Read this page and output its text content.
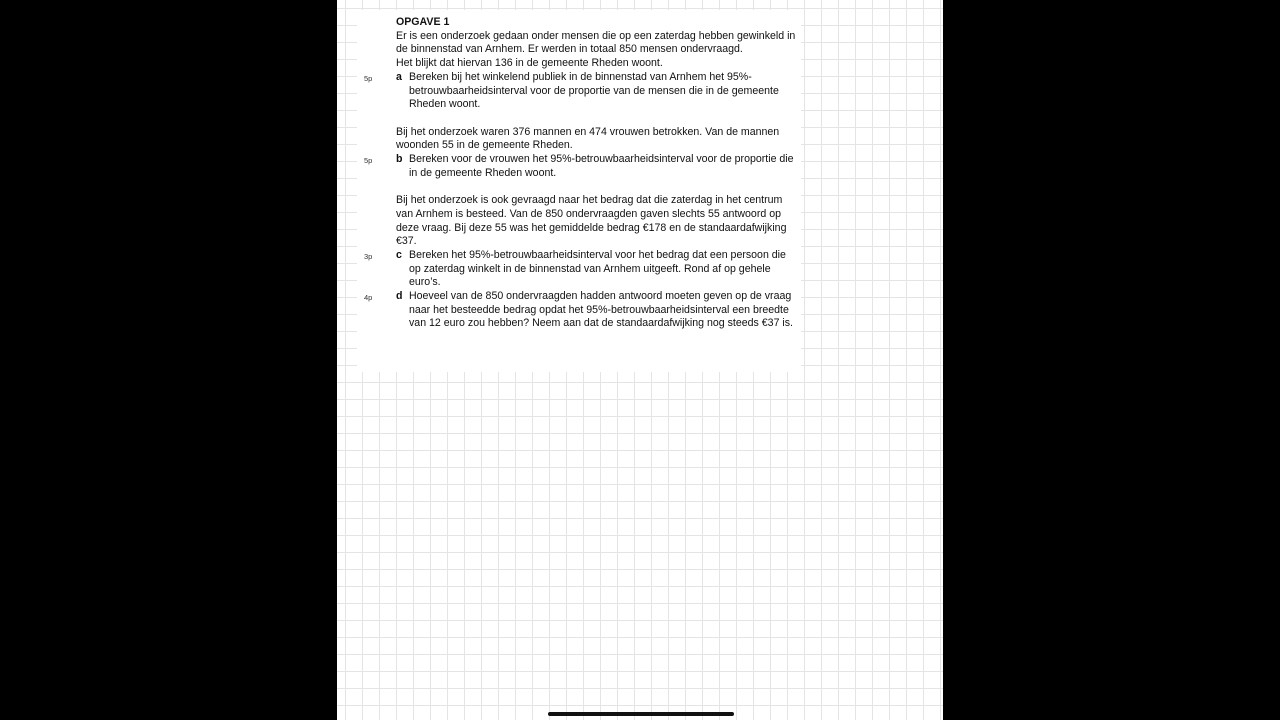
OPGAVE 1

Er is een onderzoek gedaan onder mensen die op een zaterdag hebben gewinkeld in de binnenstad van Arnhem. Er werden in totaal 850 mensen ondervraagd.

Het blijkt dat hiervan 136 in de gemeente Rheden woont.

5p a Bereken bij het winkelend publiek in de binnenstad van Arnhem het 95%-betrouwbaarheidsinterval voor de proportie van de mensen die in de gemeente Rheden woont.

Bij het onderzoek waren 376 mannen en 474 vrouwen betrokken. Van de mannen woonden 55 in de gemeente Rheden.

5p b Bereken voor de vrouwen het 95%-betrouwbaarheidsinterval voor de proportie die in de gemeente Rheden woont.

Bij het onderzoek is ook gevraagd naar het bedrag dat die zaterdag in het centrum van Arnhem is besteed. Van de 850 ondervraagden gaven slechts 55 antwoord op deze vraag. Bij deze 55 was het gemiddelde bedrag €178 en de standaardafwijking €37.

3p c Bereken het 95%-betrouwbaarheidsinterval voor het bedrag dat een persoon die op zaterdag winkelt in de binnenstad van Arnhem uitgeeft. Rond af op gehele euro’s.
4p d Hoeveel van de 850 ondervraagden hadden antwoord moeten geven op de vraag naar het besteedde bedrag opdat het 95%-betrouwbaarheidsinterval een breedte van 12 euro zou hebben? Neem aan dat de standaardafwijking nog steeds €37 is.
